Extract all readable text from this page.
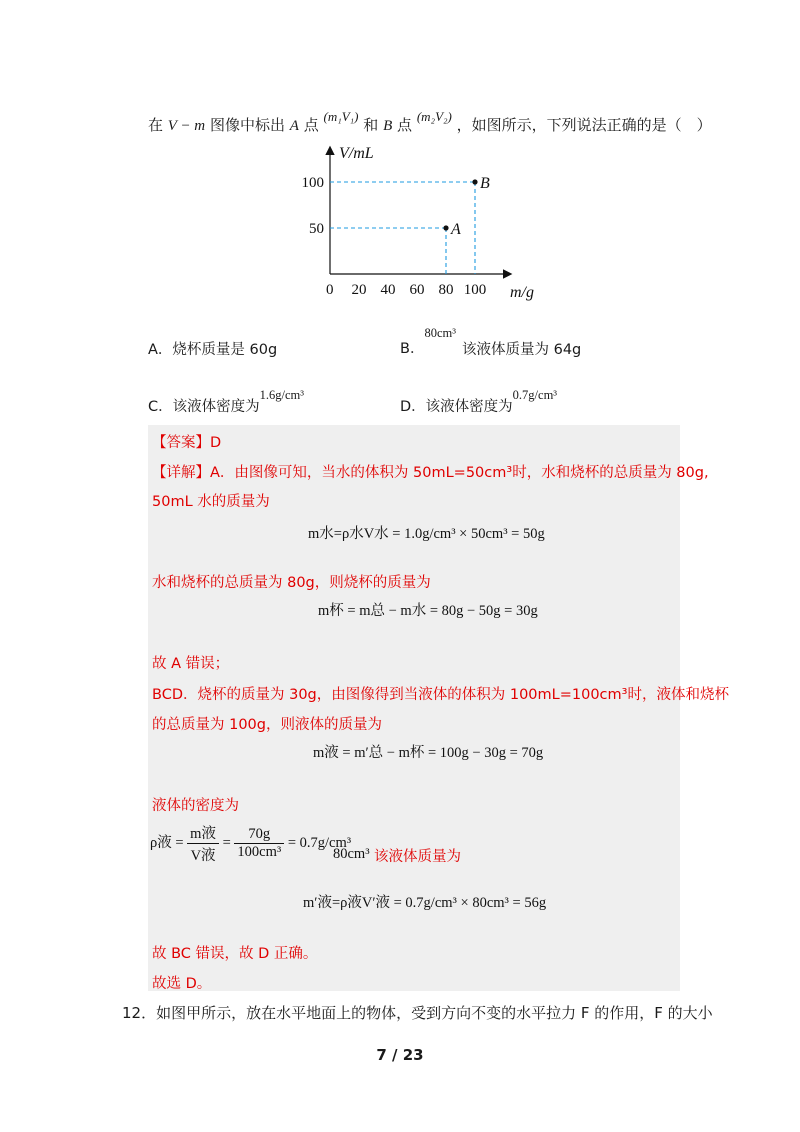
在 V − m 图像中标出 A 点 (m₁V₁) 和 B 点 (m₂V₂) ，如图所示，下列说法正确的是（　）
V/mL
m/g
0 20 40 60 80 100
50
100
A
B
A．烧杯质量是 60g	B．80cm³
该液体质量为 64g
C．该液体密度为1.6g/cm³
D．该液体密度为0.7g/cm³
【答案】D
【详解】A．由图像可知，当水的体积为 50mL=50cm³时，水和烧杯的总质量为 80g,
50mL 水的质量为
m水=ρ水V水 = 1.0g/cm³ × 50cm³ = 50g
水和烧杯的总质量为 80g，则烧杯的质量为
m杯 = m总 − m水 = 80g − 50g = 30g
故 A 错误；
BCD．烧杯的质量为 30g，由图像得到当液体的体积为 100mL=100cm³时，液体和烧杯
的总质量为 100g，则液体的质量为
m液 = m′总 − m杯 = 100g − 30g = 70g
液体的密度为
ρ液 = $\frac{\text{m液}}{\text{V液}} = \frac{70g}{\text{100cm³}} = 0.7g/cm^3$
80cm³ 该液体质量为
m′液=ρ液V′液 = 0.7g/cm³ × 80cm³ = 56g
故 BC 错误，故 D 正确。
故选 D。
12．如图甲所示，放在水平地面上的物体，受到方向不变的水平拉力 F 的作用，F 的大小
7 / 23
